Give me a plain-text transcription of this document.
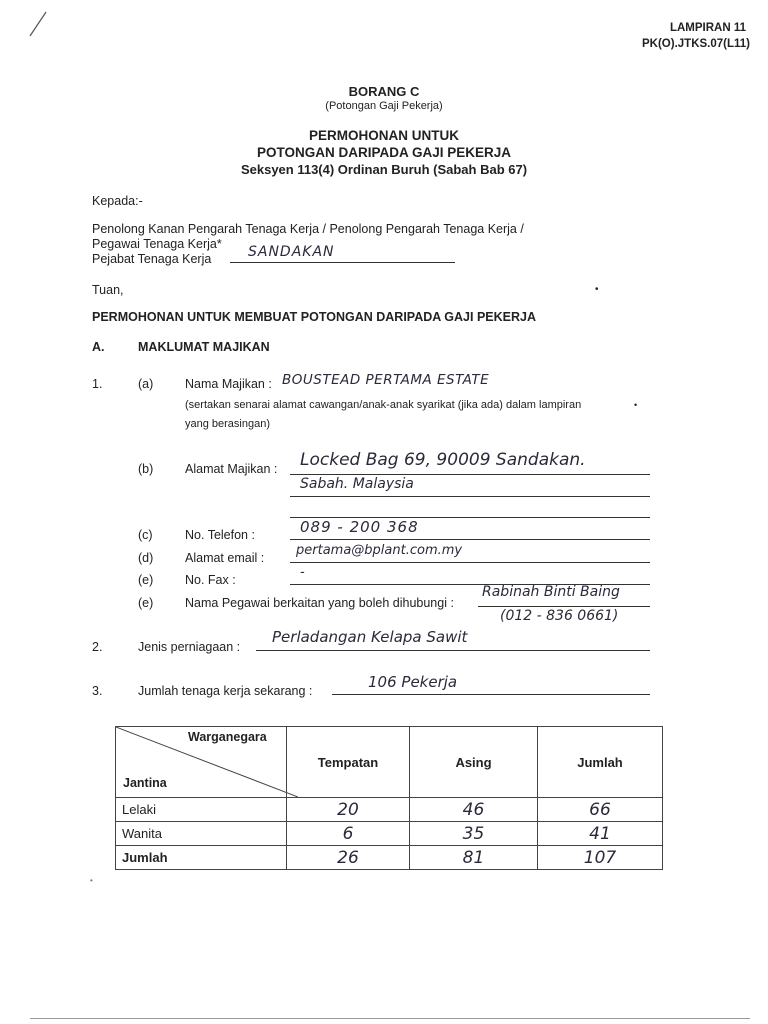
LAMPIRAN 11
PK(O).JTKS.07(L11)
BORANG C
(Potongan Gaji Pekerja)
PERMOHONAN UNTUK
POTONGAN DARIPADA GAJI PEKERJA
Seksyen 113(4) Ordinan Buruh (Sabah Bab 67)
Kepada:-
Penolong Kanan Pengarah Tenaga Kerja / Penolong Pengarah Tenaga Kerja /
Pegawai Tenaga Kerja*
Pejabat Tenaga Kerja	SANDAKAN
Tuan,	•
PERMOHONAN UNTUK MEMBUAT POTONGAN DARIPADA GAJI PEKERJA
A.	MAKLUMAT MAJIKAN
1.	(a)	Nama Majikan : BOUSTEAD PERTAMA ESTATE
(sertakan senarai alamat cawangan/anak-anak syarikat (jika ada) dalam lampiran
yang berasingan)
•
(b)	Alamat Majikan : Locked Bag 69, 90009 Sandakan.
Sabah. Malaysia
(c)	No. Telefon :	089 - 200 368
(d)	Alamat email : pertama@bplant.com.my
(e)	No. Fax :	-
(e)	Nama Pegawai berkaitan yang boleh dihubungi :
Rabinah Binti Baing
(012 - 836 0661)
2.	Jenis perniagaan :
Perladangan Kelapa Sawit
3.	Jumlah tenaga kerja sekarang :	106 Pekerja
Warganegara
Jantina	Tempatan	Asing	Jumlah
Lelaki	20	46	66
Wanita	6	35	41
Jumlah	26	81	107
•
